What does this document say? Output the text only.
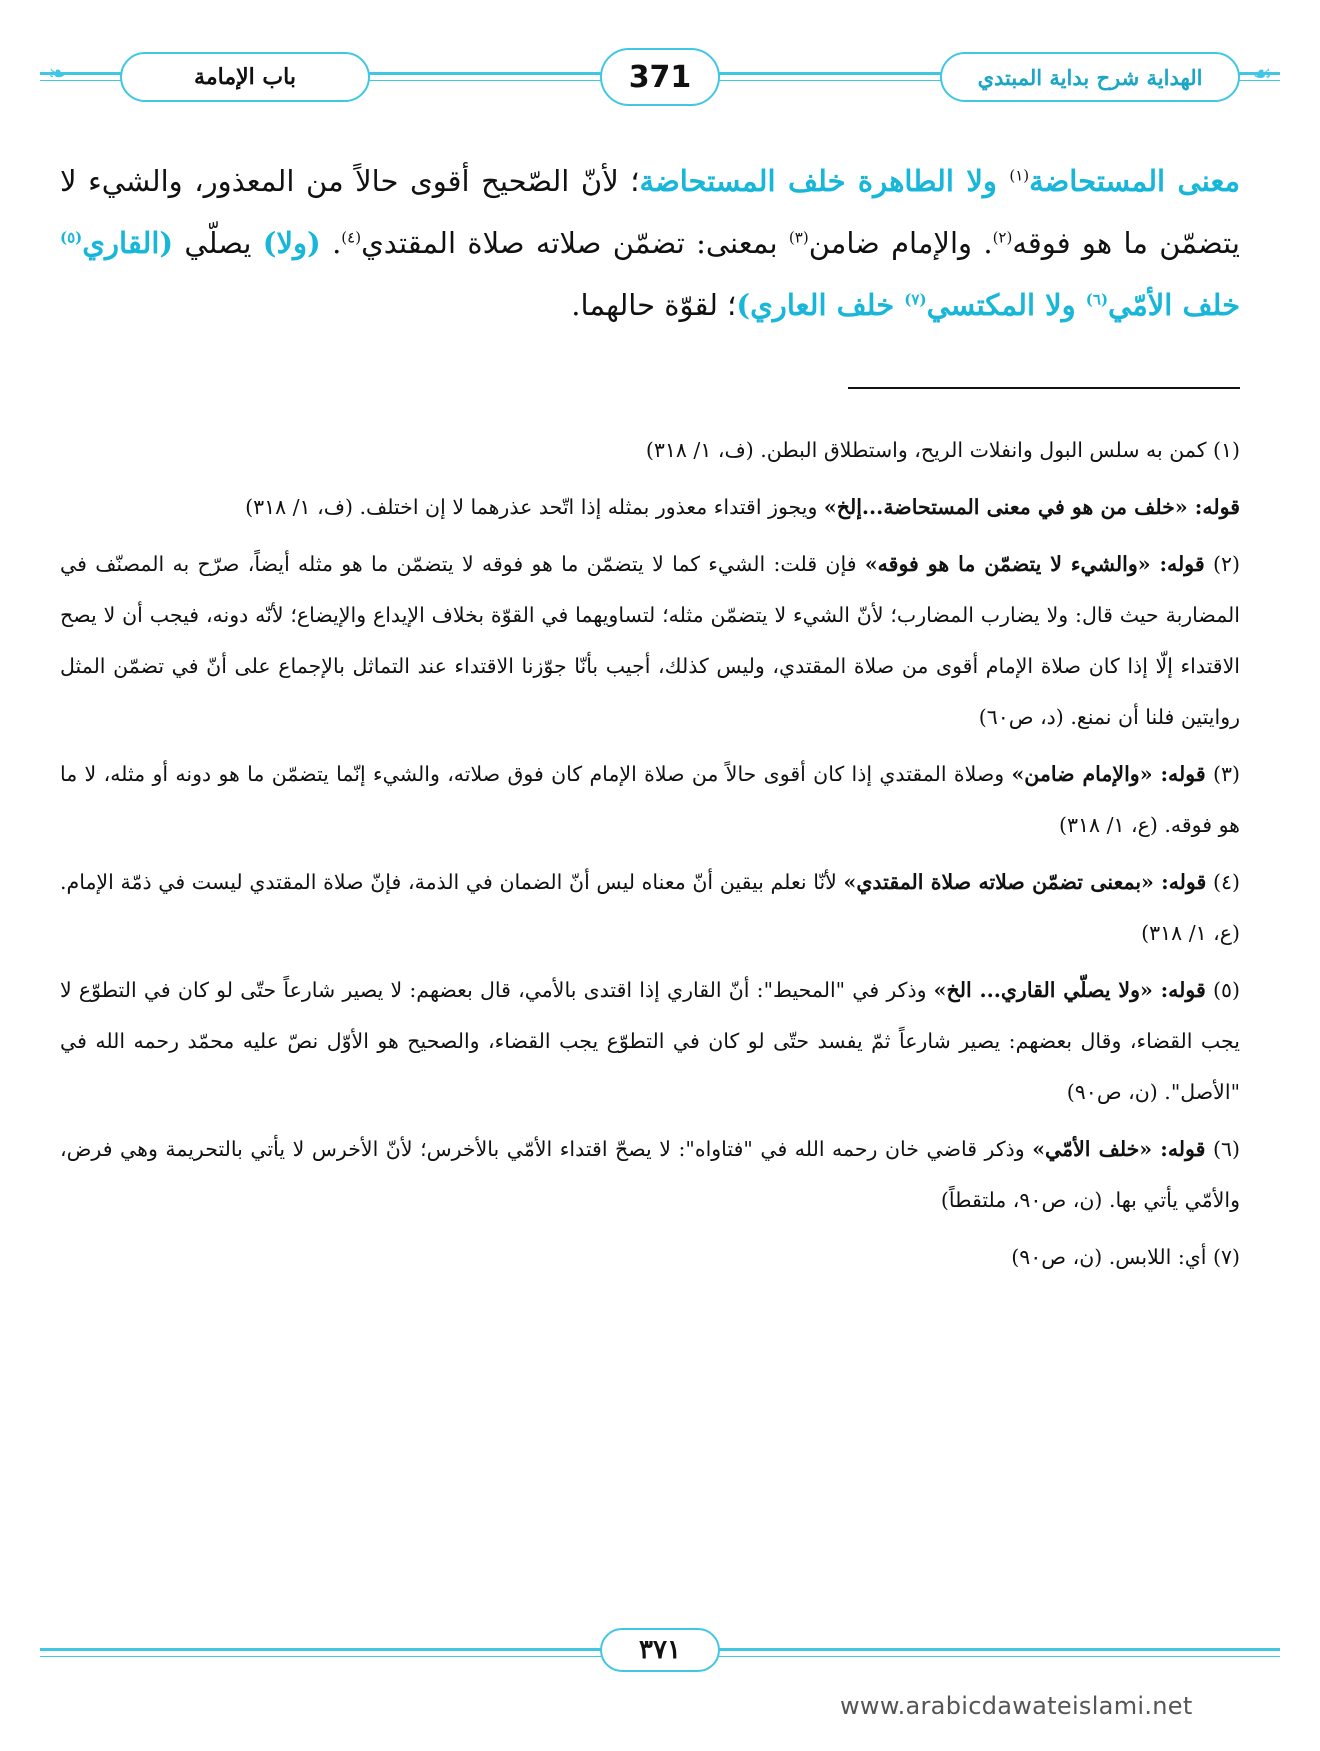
❧	☙
باب الإمامة	371	الهداية شرح بداية المبتدي
معنى المستحاضة$^{(١)}$ ولا الطاهرة خلف المستحاضة؛ لأنّ الصّحيح أقوى حالاً من المعذور، والشيء لا يتضمّن ما هو فوقه$^{(٢)}$. والإمام ضامن$^{(٣)}$ بمعنى: تضمّن صلاته صلاة المقتدي$^{(٤)}$. (ولا) يصلّي (القاري$^{(٥)}$ خلف الأمّي$^{(٦)}$ ولا المكتسي$^{(٧)}$ خلف العاري)؛ لقوّة حالهما.

(١) كمن به سلس البول وانفلات الريح، واستطلاق البطن. (ف، ١/ ٣١٨)

قوله: «خلف من هو في معنى المستحاضة...إلخ» ويجوز اقتداء معذور بمثله إذا اتّحد عذرهما لا إن اختلف. (ف، ١/ ٣١٨)

(٢) قوله: «والشيء لا يتضمّن ما هو فوقه» فإن قلت: الشيء كما لا يتضمّن ما هو فوقه لا يتضمّن ما هو مثله أيضاً، صرّح به المصنّف في المضاربة حيث قال: ولا يضارب المضارب؛ لأنّ الشيء لا يتضمّن مثله؛ لتساويهما في القوّة بخلاف الإيداع والإيضاع؛ لأنّه دونه، فيجب أن لا يصح الاقتداء إلّا إذا كان صلاة الإمام أقوى من صلاة المقتدي، وليس كذلك، أجيب بأنّا جوّزنا الاقتداء عند التماثل بالإجماع على أنّ في تضمّن المثل روايتين فلنا أن نمنع. (د، ص٦٠)

(٣) قوله: «والإمام ضامن» وصلاة المقتدي إذا كان أقوى حالاً من صلاة الإمام كان فوق صلاته، والشيء إنّما يتضمّن ما هو دونه أو مثله، لا ما هو فوقه. (ع، ١/ ٣١٨)

(٤) قوله: «بمعنى تضمّن صلاته صلاة المقتدي» لأنّا نعلم بيقين أنّ معناه ليس أنّ الضمان في الذمة، فإنّ صلاة المقتدي ليست في ذمّة الإمام. (ع، ١/ ٣١٨)

(٥) قوله: «ولا يصلّي القاري... الخ» وذكر في "المحيط": أنّ القاري إذا اقتدى بالأمي، قال بعضهم: لا يصير شارعاً حتّى لو كان في التطوّع لا يجب القضاء، وقال بعضهم: يصير شارعاً ثمّ يفسد حتّى لو كان في التطوّع يجب القضاء، والصحيح هو الأوّل نصّ عليه محمّد رحمه الله في "الأصل". (ن، ص٩٠)

(٦) قوله: «خلف الأمّي» وذكر قاضي خان رحمه الله في "فتاواه": لا يصحّ اقتداء الأمّي بالأخرس؛ لأنّ الأخرس لا يأتي بالتحريمة وهي فرض، والأمّي يأتي بها. (ن، ص٩٠، ملتقطاً)

(٧) أي: اللابس. (ن، ص٩٠)

٣٧١
www.arabicdawateislami.net
